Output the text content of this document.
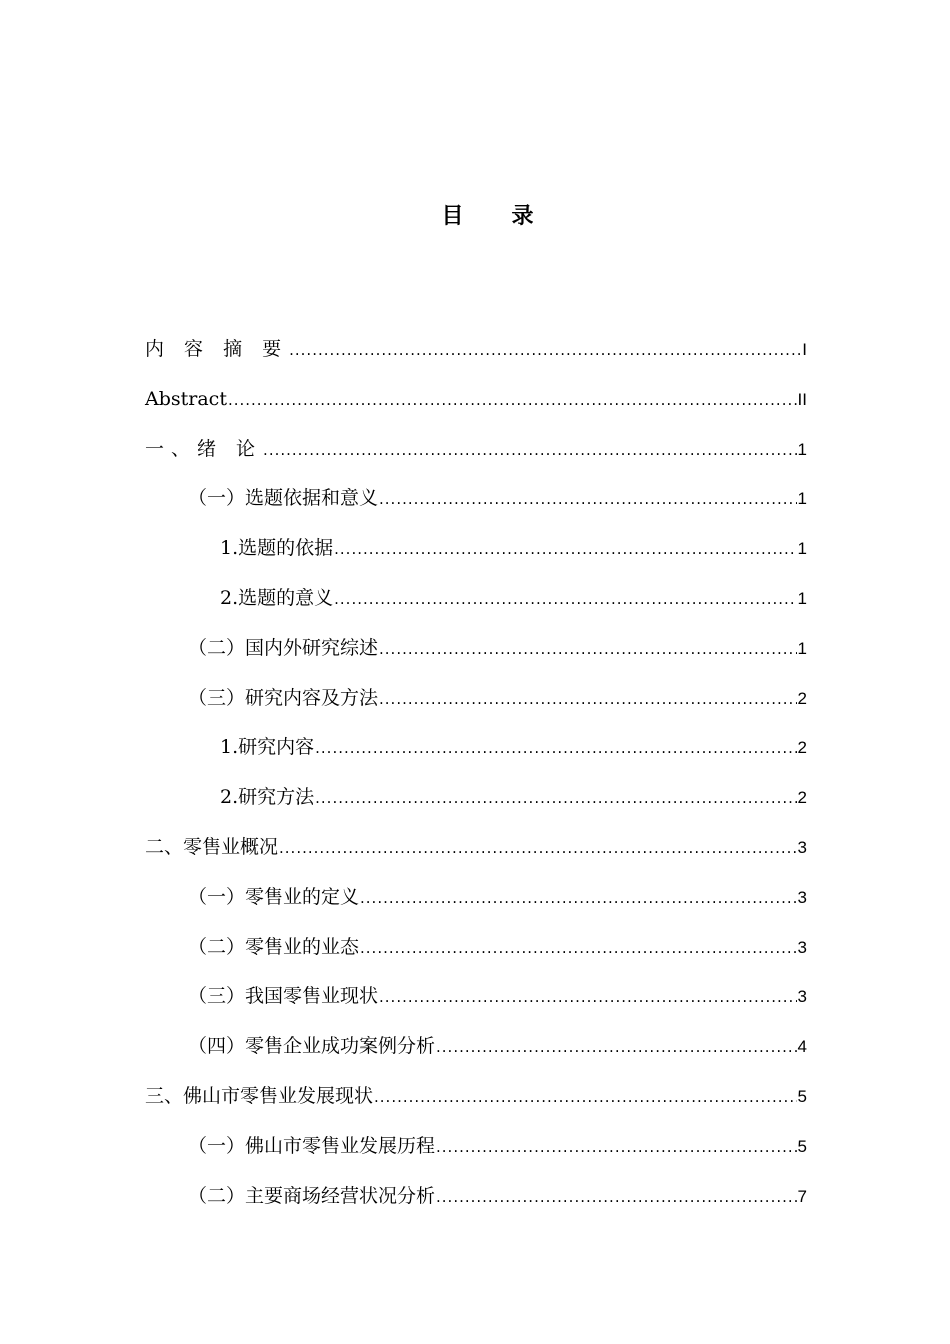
目 录
内 容 摘 要 .....	I
Abstract .....	II
一、绪 论 .....	1
（一）选题依据和意义 .....	1
1.选题的依据 .....	1
2.选题的意义 .....	1
（二）国内外研究综述 .....	1
（三）研究内容及方法 .....	2
1.研究内容 .....	2
2.研究方法 .....	2
二、零售业概况 .....	3
（一）零售业的定义 .....	3
（二）零售业的业态 .....	3
（三）我国零售业现状 .....	3
（四）零售企业成功案例分析 .....	4
三、佛山市零售业发展现状 .....	5
（一）佛山市零售业发展历程 .....	5
（二）主要商场经营状况分析 .....	7
